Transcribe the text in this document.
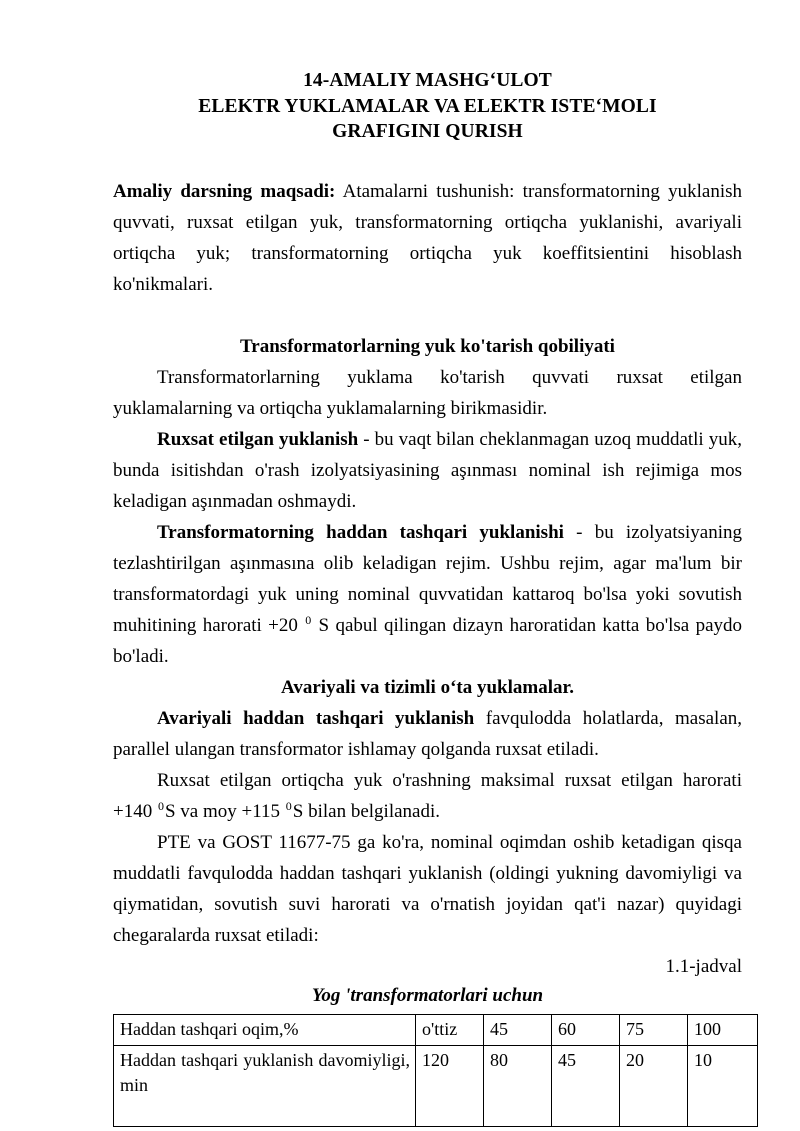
14-AMALIY MASHG‘ULOT
ELEKTR YUKLAMALAR VA ELEKTR ISTE‘MOLI
GRAFIGINI QURISH

Amaliy darsning maqsadi: Atamalarni tushunish: transformatorning yuklanish quvvati, ruxsat etilgan yuk, transformatorning ortiqcha yuklanishi, avariyali ortiqcha yuk; transformatorning ortiqcha yuk koeffitsientini hisoblash ko'nikmalari.

Transformatorlarning yuk ko'tarish qobiliyati

Transformatorlarning yuklama ko'tarish quvvati ruxsat etilgan yuklamalarning va ortiqcha yuklamalarning birikmasidir.

Ruxsat etilgan yuklanish - bu vaqt bilan cheklanmagan uzoq muddatli yuk, bunda isitishdan o'rash izolyatsiyasining aşınması nominal ish rejimiga mos keladigan aşınmadan oshmaydi.

Transformatorning haddan tashqari yuklanishi - bu izolyatsiyaning tezlashtirilgan aşınmasına olib keladigan rejim. Ushbu rejim, agar ma'lum bir transformatordagi yuk uning nominal quvvatidan kattaroq bo'lsa yoki sovutish muhitining harorati +20 $^0$ S qabul qilingan dizayn haroratidan katta bo'lsa paydo bo'ladi.

Avariyali va tizimli o‘ta yuklamalar.

Avariyali haddan tashqari yuklanish favqulodda holatlarda, masalan, parallel ulangan transformator ishlamay qolganda ruxsat etiladi.

Ruxsat etilgan ortiqcha yuk o'rashning maksimal ruxsat etilgan harorati +140 $^0$S va moy +115 $^0$S bilan belgilanadi.

PTE va GOST 11677-75 ga ko'ra, nominal oqimdan oshib ketadigan qisqa muddatli favqulodda haddan tashqari yuklanish (oldingi yukning davomiyligi va qiymatidan, sovutish suvi harorati va o'rnatish joyidan qat'i nazar) quyidagi chegaralarda ruxsat etiladi:

1.1-jadval

Yog 'transformatorlari uchun

Haddan tashqari oqim,%	o'ttiz	45	60	75	100
Haddan tashqari yuklanish davomiyligi, min	120	80	45	20	10
